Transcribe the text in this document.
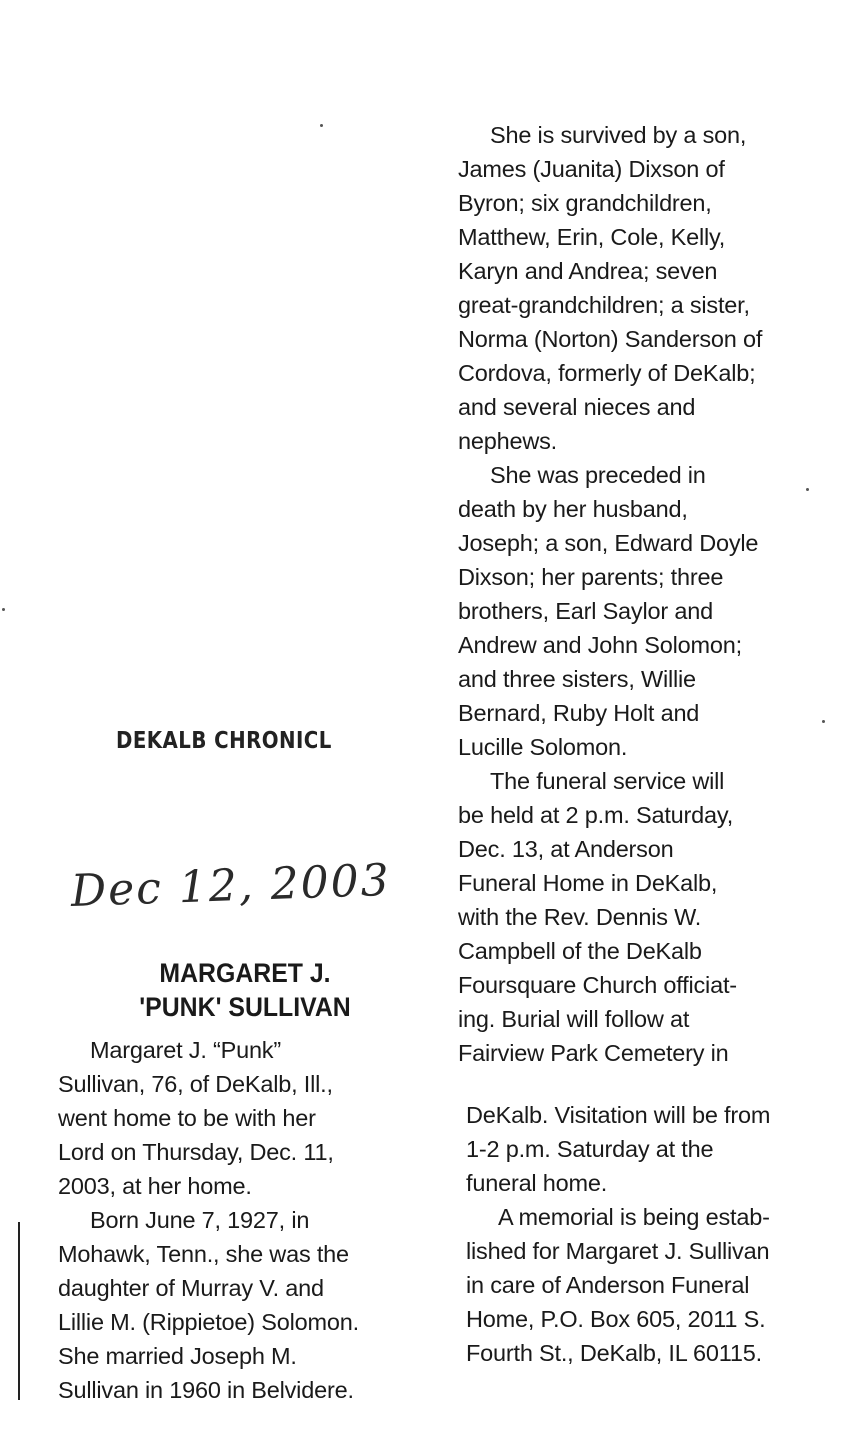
DEKALB CHRONICL
Dec 12, 2003
MARGARET J.
'PUNK' SULLIVAN
Margaret J. “Punk”
Sullivan, 76, of DeKalb, Ill.,
went home to be with her
Lord on Thursday, Dec. 11,
2003, at her home.
Born June 7, 1927, in
Mohawk, Tenn., she was the
daughter of Murray V. and
Lillie M. (Rippietoe) Solomon.
She married Joseph M.
Sullivan in 1960 in Belvidere.
She is survived by a son,
James (Juanita) Dixson of
Byron; six grandchildren,
Matthew, Erin, Cole, Kelly,
Karyn and Andrea; seven
great-grandchildren; a sister,
Norma (Norton) Sanderson of
Cordova, formerly of DeKalb;
and several nieces and
nephews.
She was preceded in
death by her husband,
Joseph; a son, Edward Doyle
Dixson; her parents; three
brothers, Earl Saylor and
Andrew and John Solomon;
and three sisters, Willie
Bernard, Ruby Holt and
Lucille Solomon.
The funeral service will
be held at 2 p.m. Saturday,
Dec. 13, at Anderson
Funeral Home in DeKalb,
with the Rev. Dennis W.
Campbell of the DeKalb
Foursquare Church officiat-
ing. Burial will follow at
Fairview Park Cemetery in
DeKalb. Visitation will be from
1-2 p.m. Saturday at the
funeral home.
A memorial is being estab-
lished for Margaret J. Sullivan
in care of Anderson Funeral
Home, P.O. Box 605, 2011 S.
Fourth St., DeKalb, IL 60115.
